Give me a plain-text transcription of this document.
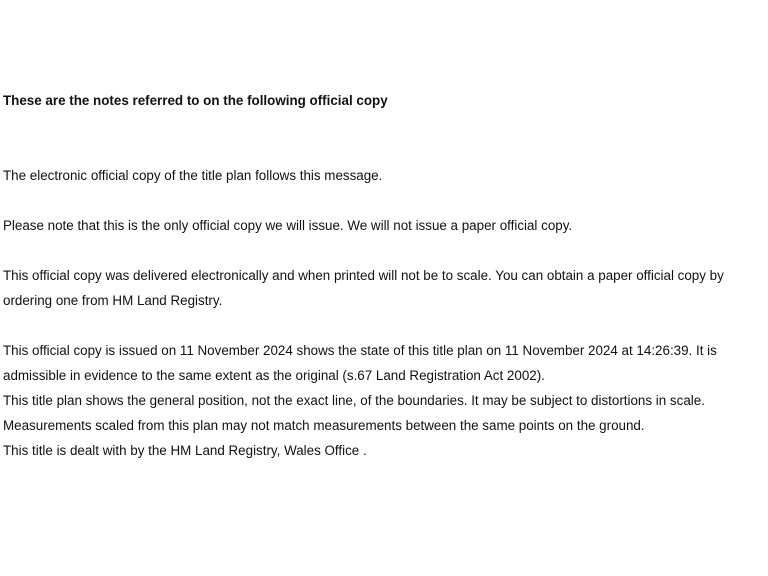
These are the notes referred to on the following official copy

The electronic official copy of the title plan follows this message.

Please note that this is the only official copy we will issue. We will not issue a paper official copy.

This official copy was delivered electronically and when printed will not be to scale. You can obtain a paper official copy by ordering one from HM Land Registry.

This official copy is issued on 11 November 2024 shows the state of this title plan on 11 November 2024 at 14:26:39. It is admissible in evidence to the same extent as the original (s.67 Land Registration Act 2002).

This title plan shows the general position, not the exact line, of the boundaries. It may be subject to distortions in scale. Measurements scaled from this plan may not match measurements between the same points on the ground.

This title is dealt with by the HM Land Registry, Wales Office .
